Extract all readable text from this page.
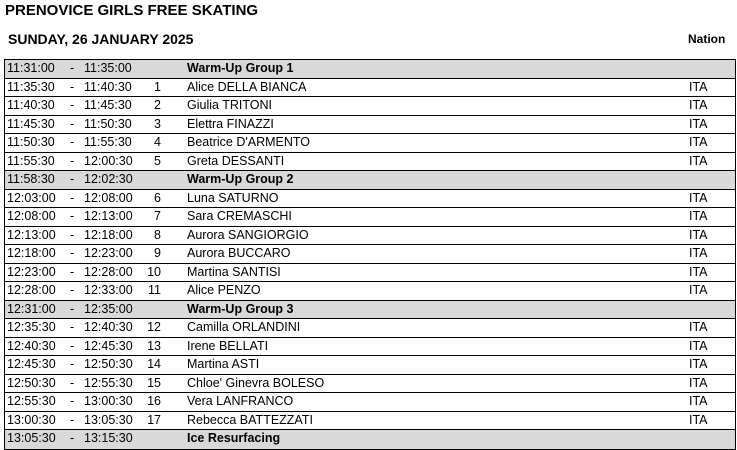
PRENOVICE GIRLS FREE SKATING
SUNDAY, 26 JANUARY 2025	Nation
11:31:00 - 11:35:00	Warm-Up Group 1
11:35:30 - 11:40:30	1 Alice DELLA BIANCA	ITA
11:40:30 - 11:45:30	2 Giulia TRITONI	ITA
11:45:30 - 11:50:30	3 Elettra FINAZZI	ITA
11:50:30 - 11:55:30	4 Beatrice D'ARMENTO	ITA
11:55:30 - 12:00:30	5 Greta DESSANTI	ITA
11:58:30 - 12:02:30	Warm-Up Group 2
12:03:00 - 12:08:00	6 Luna SATURNO	ITA
12:08:00 - 12:13:00	7 Sara CREMASCHI	ITA
12:13:00 - 12:18:00	8 Aurora SANGIORGIO	ITA
12:18:00 - 12:23:00	9 Aurora BUCCARO	ITA
12:23:00 - 12:28:00 10 Martina SANTISI	ITA
12:28:00 - 12:33:00 11 Alice PENZO	ITA
12:31:00 - 12:35:00	Warm-Up Group 3
12:35:30 - 12:40:30 12 Camilla ORLANDINI	ITA
12:40:30 - 12:45:30 13 Irene BELLATI	ITA
12:45:30 - 12:50:30 14 Martina ASTI	ITA
12:50:30 - 12:55:30 15 Chloe' Ginevra BOLESO	ITA
12:55:30 - 13:00:30 16 Vera LANFRANCO	ITA
13:00:30 - 13:05:30 17 Rebecca BATTEZZATI	ITA
13:05:30 - 13:15:30	Ice Resurfacing
